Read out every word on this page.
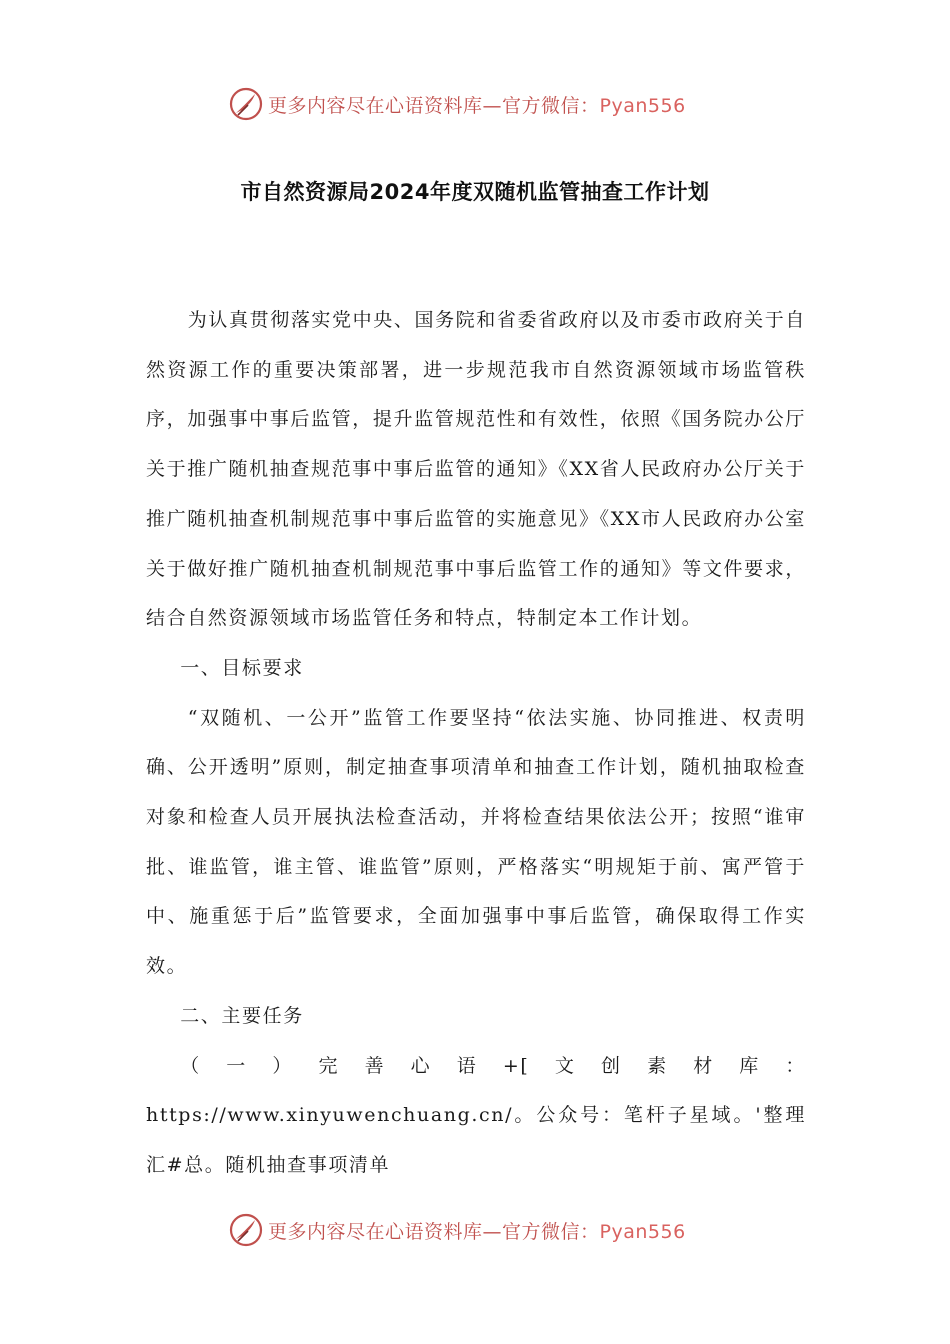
更多内容尽在心语资料库—官方微信：Pyan556
市自然资源局2024年度双随机监管抽查工作计划

为认真贯彻落实党中央、国务院和省委省政府以及市委市政府关于自然资源工作的重要决策部署，进一步规范我市自然资源领域市场监管秩序，加强事中事后监管，提升监管规范性和有效性，依照《国务院办公厅关于推广随机抽查规范事中事后监管的通知》《XX省人民政府办公厅关于推广随机抽查机制规范事中事后监管的实施意见》《XX市人民政府办公室关于做好推广随机抽查机制规范事中事后监管工作的通知》等文件要求，结合自然资源领域市场监管任务和特点，特制定本工作计划。

一、目标要求

“双随机、一公开”监管工作要坚持“依法实施、协同推进、权责明确、公开透明”原则，制定抽查事项清单和抽查工作计划，随机抽取检查对象和检查人员开展执法检查活动，并将检查结果依法公开；按照“谁审批、谁监管，谁主管、谁监管”原则，严格落实“明规矩于前、寓严管于中、施重惩于后”监管要求，全面加强事中事后监管，确保取得工作实效。

二、主要任务

（一）完善心语+[文创素材库：https://www.xinyuwenchuang.cn/。公众号：笔杆子星域。'整理汇#总。随机抽查事项清单

更多内容尽在心语资料库—官方微信：Pyan556
